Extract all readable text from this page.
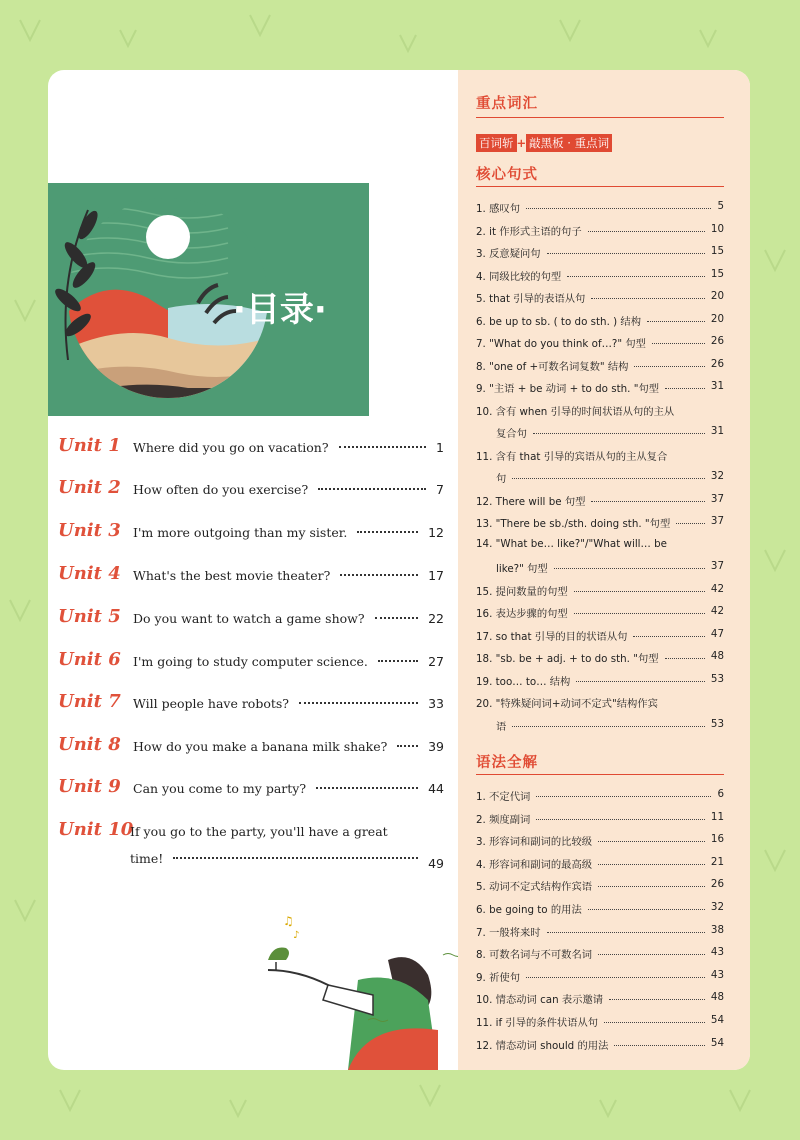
·目录·
Unit 1 Where did you go on vacation?	1
Unit 2 How often do you exercise?	7
Unit 3 I'm more outgoing than my sister.	12
Unit 4 What's the best movie theater?	17
Unit 5 Do you want to watch a game show?	22
Unit 6 I'm going to study computer science.	27
Unit 7 Will people have robots?	33
Unit 8 How do you make a banana milk shake?	39
Unit 9 Can you come to my party?	44
Unit 10
If you go to the party, you'll have a great
time!	49
♫
♪
重点词汇
百词斩 + 敲黑板 · 重点词
核心句式
1. 感叹句	5
2. it 作形式主语的句子	10
3. 反意疑问句	15
4. 同级比较的句型	15
5. that 引导的表语从句	20
6. be up to sb. ( to do sth. ) 结构	20
7. "What do you think of…?" 句型	26
8. "one of +可数名词复数" 结构	26
9. "主语 + be 动词 + to do sth. "句型	31
10. 含有 when 引导的时间状语从句的主从
复合句	31
11. 含有 that 引导的宾语从句的主从复合
句	32
12. There will be 句型	37
13. "There be sb./sth. doing sth. "句型	37
14. "What be… like?"/"What will… be
like?" 句型	37
15. 提问数量的句型	42
16. 表达步骤的句型	42
17. so that 引导的目的状语从句	47
18. "sb. be + adj. + to do sth. "句型	48
19. too… to… 结构	53
20. "特殊疑问词+动词不定式"结构作宾
语	53
语法全解
1. 不定代词	6
2. 频度副词	11
3. 形容词和副词的比较级	16
4. 形容词和副词的最高级	21
5. 动词不定式结构作宾语	26
6. be going to 的用法	32
7. 一般将来时	38
8. 可数名词与不可数名词	43
9. 祈使句	43
10. 情态动词 can 表示邀请	48
11. if 引导的条件状语从句	54
12. 情态动词 should 的用法	54
